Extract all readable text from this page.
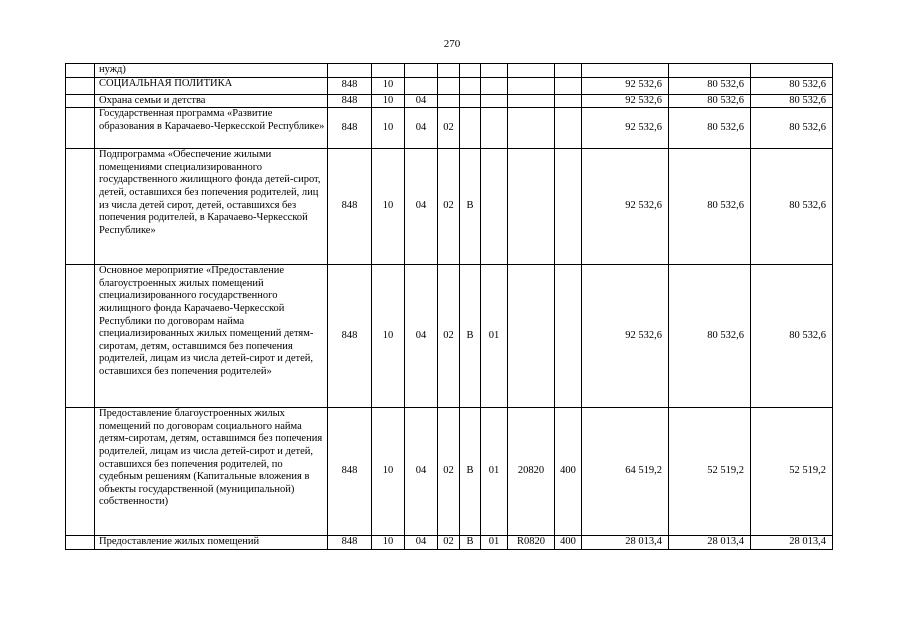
270
	нужд)											
	СОЦИАЛЬНАЯ ПОЛИТИКА	848	10							92 532,6	80 532,6	80 532,6
	Охрана семьи и детства	848	10	04						92 532,6	80 532,6	80 532,6
	Государственная программа «Развитие образования в Карачаево-Черкесской Республике»	848	10	04	02					92 532,6	80 532,6	80 532,6
	Подпрограмма «Обеспечение жилыми помещениями специализированного государственного жилищного фонда детей-сирот, детей, оставшихся без попечения родителей, лиц из числа детей сирот, детей, оставшихся без попечения родителей, в Карачаево-Черкесской Республике»	848	10	04	02	В				92 532,6	80 532,6	80 532,6
	Основное мероприятие «Предоставление благоустроенных жилых помещений специализированного государственного жилищного фонда Карачаево-Черкесской Республики по договорам найма специализированных жилых помещений детям-сиротам, детям, оставшимся без попечения родителей, лицам из числа детей-сирот и детей, оставшихся без попечения родителей»	848	10	04	02	В	01			92 532,6	80 532,6	80 532,6
	Предоставление благоустроенных жилых помещений по договорам социального найма детям-сиротам, детям, оставшимся без попечения родителей, лицам из числа детей-сирот и детей, оставшихся без попечения родителей, по судебным решениям (Капитальные вложения в объекты государственной (муниципальной) собственности)	848	10	04	02	В	01	20820	400	64 519,2	52 519,2	52 519,2
	Предоставление жилых помещений	848	10	04	02	В	01	R0820	400	28 013,4	28 013,4	28 013,4
